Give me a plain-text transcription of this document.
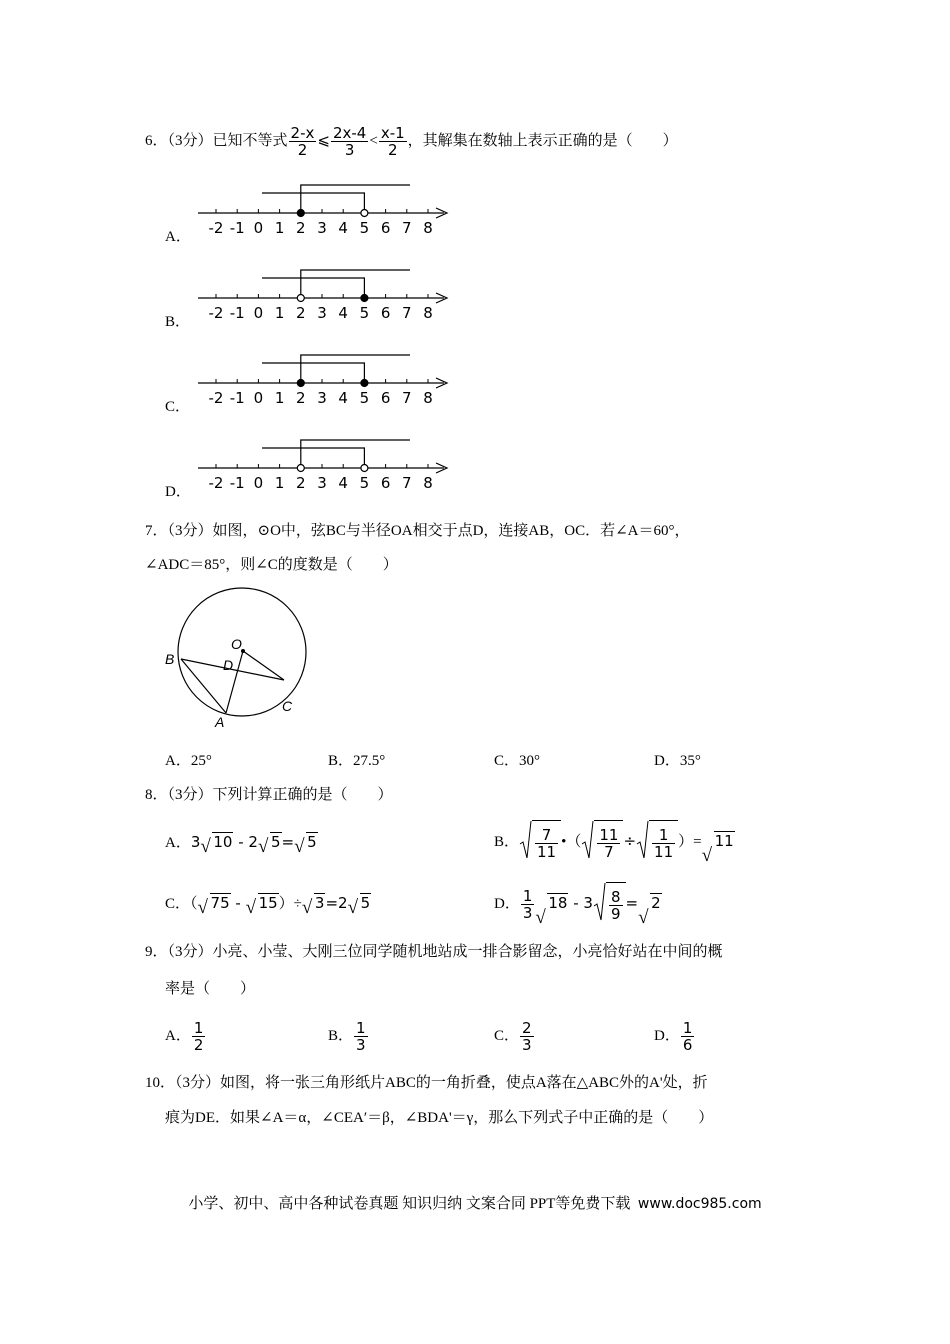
6．（3分）已知不等式 $\frac{2-x}{2}$ ⩽ $\frac{2x-4}{3} < \frac{x-1}{2}$ ，其解集在数轴上表示正确的是（　　）
A． -2 -1 0 1 2 3 4 5 6 7 8
B． -2 -1 0 1 2 3 4 5 6 7 8
C． -2 -1 0 1 2 3 4 5 6 7 8
D． -2 -1 0 1 2 3 4 5 6 7 8
7．（3分）如图，⊙O中，弦BC与半径OA相交于点D，连接AB，OC．若∠A＝60°，
∠ADC＝85°，则∠C的度数是（　　）
O
D
B
A
C
A．25°	B．27.5°	C．30°	D．35°
8．（3分）下列计算正确的是（　　）
A．3 √ 10 - 2 √ 5= √ 5	B． $\frac{7}{11}$ •（ $\frac{11}{7} \div \frac{1}{11}$ ）= √ 11
C．（ √ 75 - √ 15）÷ √ 3=2 √ 5	D． $\frac{1}{3}$ √ $18 - 3 \frac{8}{9}$ = √ 2
9．（3分）小亮、小莹、大刚三位同学随机地站成一排合影留念，小亮恰好站在中间的概
率是（　　）
A． $\frac{1}{2}$	B． $\frac{1}{3}$	C． $\frac{2}{3}$	D． $\frac{1}{6}$
10．（3分）如图，将一张三角形纸片ABC的一角折叠，使点A落在△ABC外的A'处，折
痕为DE．如果∠A＝α，∠CEA′＝β，∠BDA'＝γ，那么下列式子中正确的是（　　）
小学、初中、高中各种试卷真题 知识归纳 文案合同 PPT等免费下载 www.doc985.com
